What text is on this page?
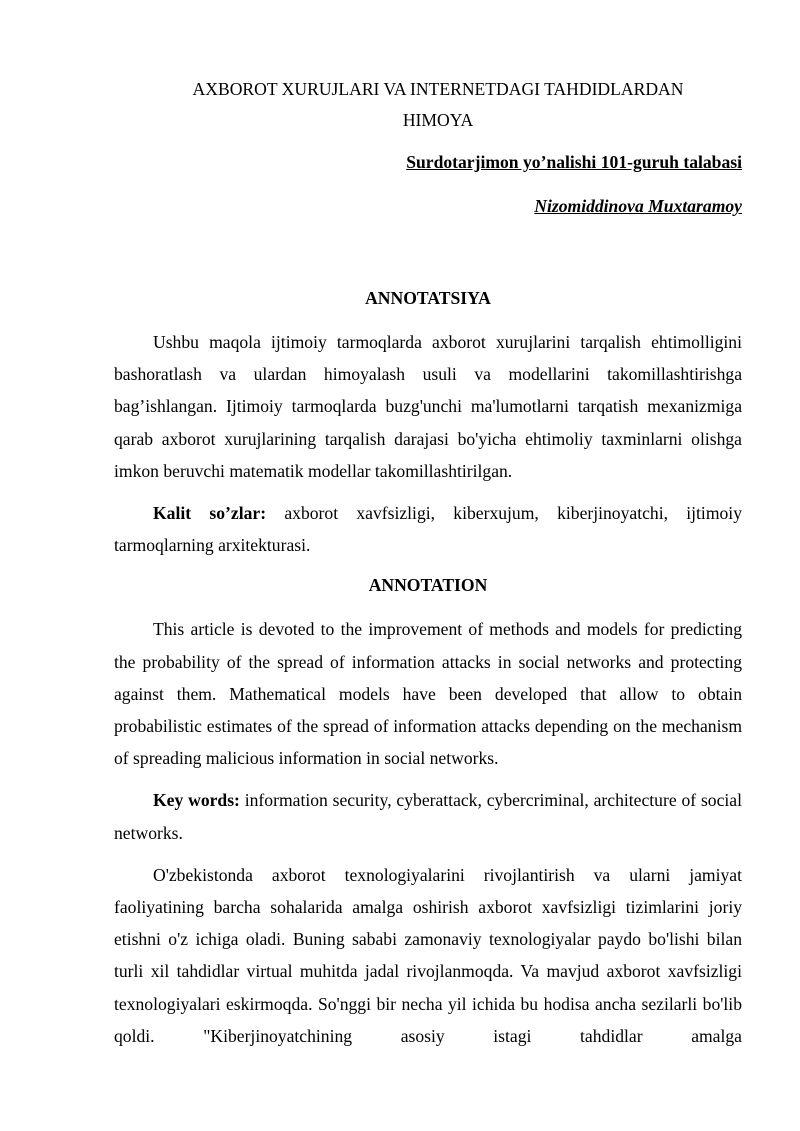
AXBOROT XURUJLARI VA INTERNETDAGI TAHDIDLARDAN
HIMOYA

Surdotarjimon yo’nalishi 101-guruh talabasi

Nizomiddinova Muxtaramoy

ANNOTATSIYA

Ushbu maqola ijtimoiy tarmoqlarda axborot xurujlarini tarqalish ehtimolligini bashoratlash va ulardan himoyalash usuli va modellarini takomillashtirishga bag’ishlangan. Ijtimoiy tarmoqlarda buzg'unchi ma'lumotlarni tarqatish mexanizmiga qarab axborot xurujlarining tarqalish darajasi bo'yicha ehtimoliy taxminlarni olishga imkon beruvchi matematik modellar takomillashtirilgan.

Kalit so’zlar: axborot xavfsizligi, kiberxujum, kiberjinoyatchi, ijtimoiy tarmoqlarning arxitekturasi.

ANNOTATION

This article is devoted to the improvement of methods and models for predicting the probability of the spread of information attacks in social networks and protecting against them. Mathematical models have been developed that allow to obtain probabilistic estimates of the spread of information attacks depending on the mechanism of spreading malicious information in social networks.

Key words: information security, cyberattack, cybercriminal, architecture of social networks.

O'zbekistonda axborot texnologiyalarini rivojlantirish va ularni jamiyat faoliyatining barcha sohalarida amalga oshirish axborot xavfsizligi tizimlarini joriy etishni o'z ichiga oladi. Buning sababi zamonaviy texnologiyalar paydo bo'lishi bilan turli xil tahdidlar virtual muhitda jadal rivojlanmoqda. Va mavjud axborot xavfsizligi texnologiyalari eskirmoqda. So'nggi bir necha yil ichida bu hodisa ancha sezilarli bo'lib qoldi. "Kiberjinoyatchining asosiy istagi tahdidlar amalga
